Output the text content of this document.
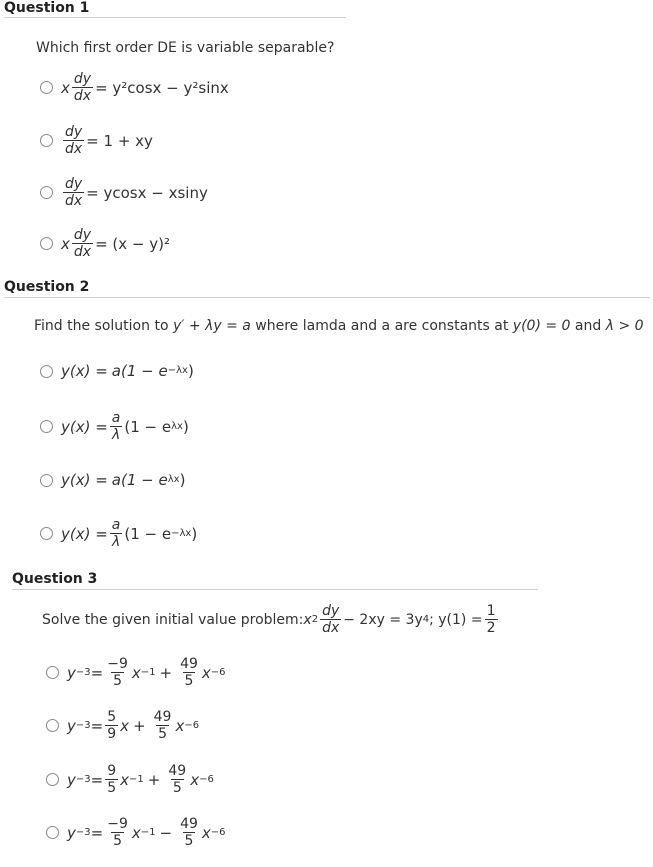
Question 1
Which first order DE is variable separable?
x $\frac{dy}{dx} = y^2\cos x - y^2\sin x$
$\frac{dy}{dx} = 1$ + xy
$\frac{dy}{dx} = ycosx - xsiny$
x $\frac{dy}{dx} = (x - y)^2$
Question 2
Find the solution to y′ + λy = a where lamda and a are constants at y(0) = 0 and λ > 0
y(x) = a(1 − e −λx )
$y(x) = \frac{a}{\lambda} (1 - e$ λx )
y(x) = a(1 − e λx )
$y(x) = \frac{a}{\lambda} (1 - e -\lambda x$ )
Question 3
Solve the given initial value problem: x $2 \frac{dy}{dx} - 2xy = 3y$ 4 ; $y(1) = \frac{1}{2}$
$y -3 = \frac{-9}{5}$ $x -1 + \frac{49}{5}$ x −6
$y -3 = \frac{5}{9}$ $x + \frac{49}{5}$ x −6
$y -3 = \frac{9}{5}$ $x -1 + \frac{49}{5}$ x −6
$y -3 = \frac{-9}{5}$ $x -1 - \frac{49}{5}$ x −6
